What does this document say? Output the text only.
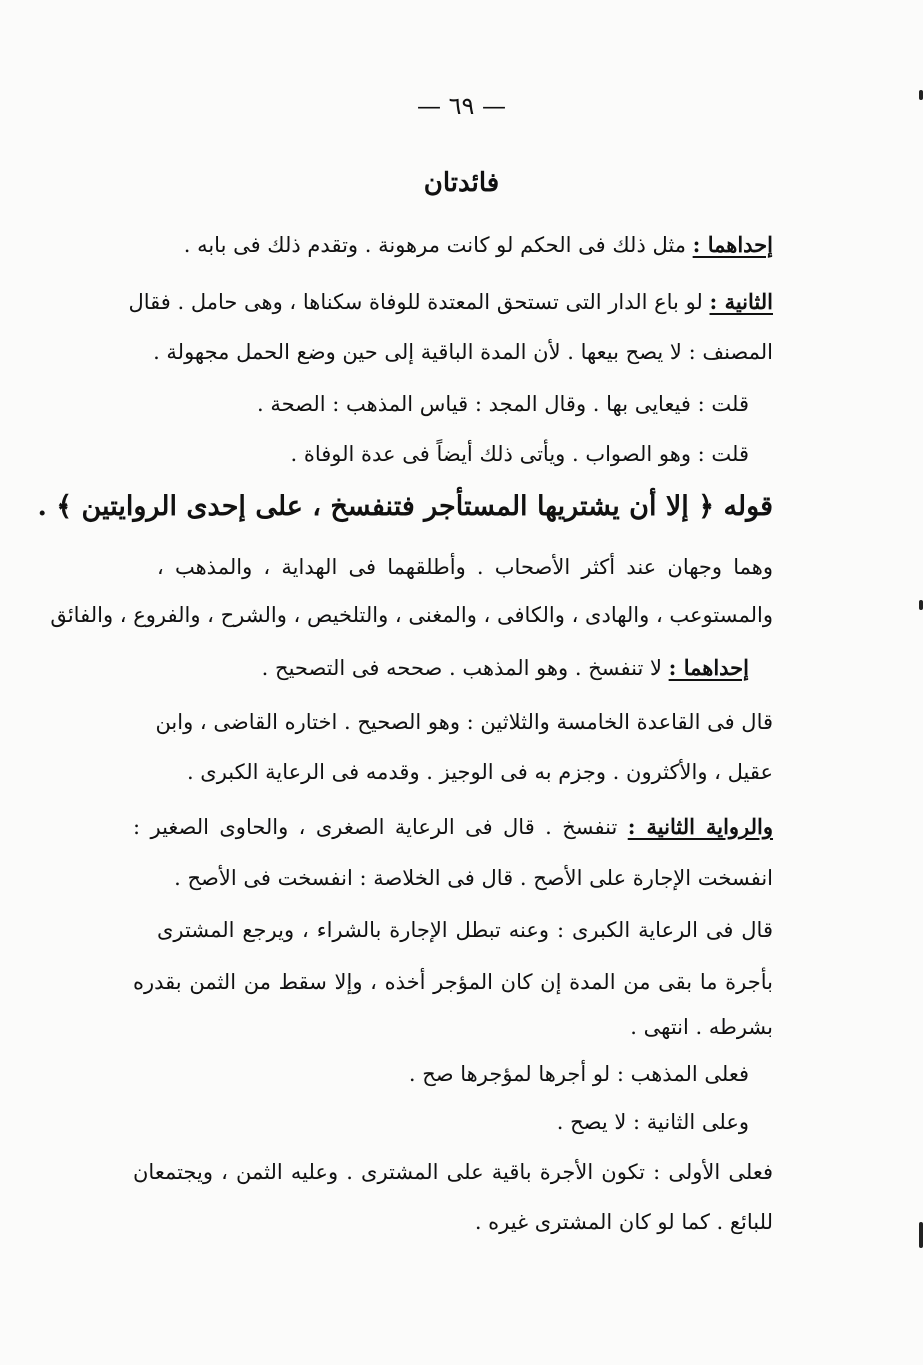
— ٦٩ —
فائدتان
إحداهما : مثل ذلك فى الحكم لو كانت مرهونة . وتقدم ذلك فى بابه .
الثانية : لو باع الدار التى تستحق المعتدة للوفاة سكناها ، وهى حامل . فقال
المصنف : لا يصح بيعها . لأن المدة الباقية إلى حين وضع الحمل مجهولة .
قلت : فيعايى بها . وقال المجد : قياس المذهب : الصحة .
قلت : وهو الصواب . ويأتى ذلك أيضاً فى عدة الوفاة .
قوله ﴿ إلا أن يشتريها المستأجر فتنفسخ ، على إحدى الروايتين ﴾ .
وهما وجهان عند أكثر الأصحاب . وأطلقهما فى الهداية ، والمذهب ،
والمستوعب ، والهادى ، والكافى ، والمغنى ، والتلخيص ، والشرح ، والفروع ، والفائق
إحداهما : لا تنفسخ . وهو المذهب . صححه فى التصحيح .
قال فى القاعدة الخامسة والثلاثين : وهو الصحيح . اختاره القاضى ، وابن
عقيل ، والأكثرون . وجزم به فى الوجيز . وقدمه فى الرعاية الكبرى .
والرواية الثانية : تنفسخ . قال فى الرعاية الصغرى ، والحاوى الصغير :
انفسخت الإجارة على الأصح . قال فى الخلاصة : انفسخت فى الأصح .
قال فى الرعاية الكبرى : وعنه تبطل الإجارة بالشراء ، ويرجع المشترى
بأجرة ما بقى من المدة إن كان المؤجر أخذه ، وإلا سقط من الثمن بقدره
بشرطه . انتهى .
فعلى المذهب : لو أجرها لمؤجرها صح .
وعلى الثانية : لا يصح .
فعلى الأولى : تكون الأجرة باقية على المشترى . وعليه الثمن ، ويجتمعان
للبائع . كما لو كان المشترى غيره .
